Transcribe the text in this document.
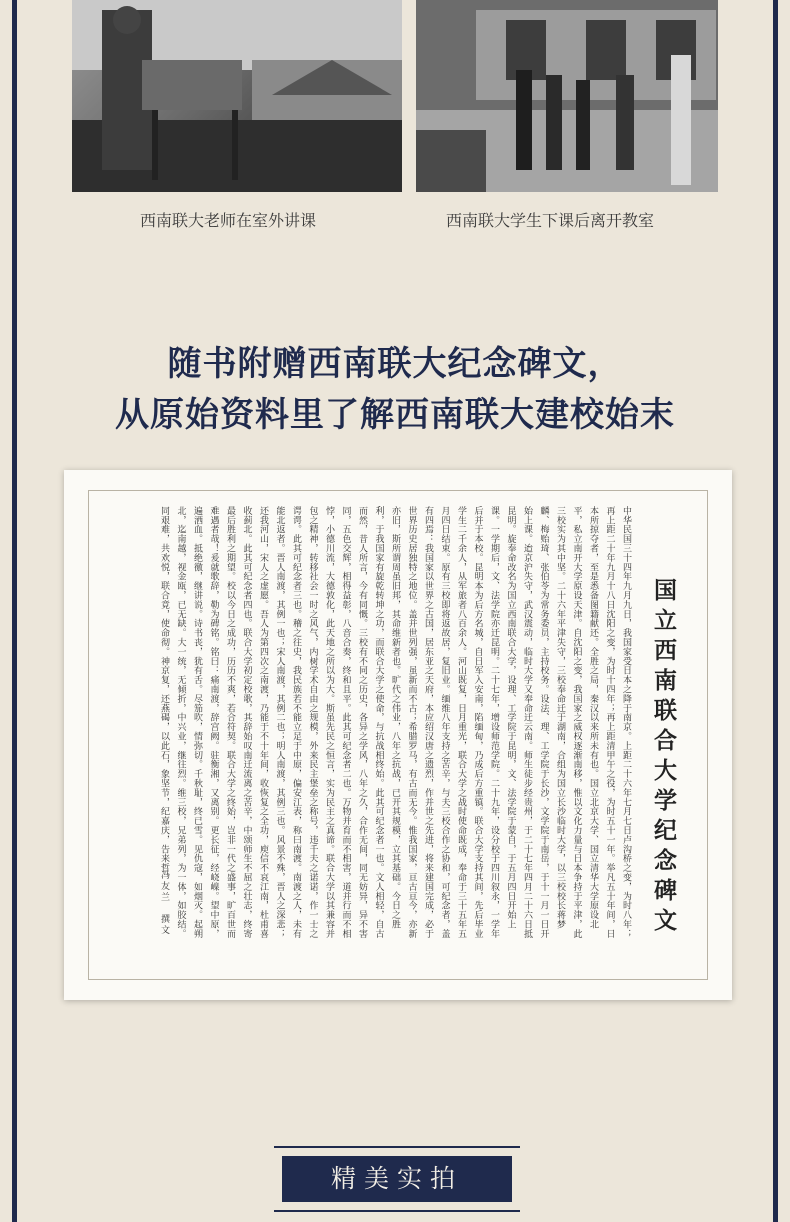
西南联大老师在室外讲课	西南联大学生下课后离开教室
随书附赠西南联大纪念碑文，
从原始资料里了解西南联大建校始末
国立西南联合大学纪念碑文
中华民国三十四年九月九日，我国家受日本之降于南京。上距二十六年七月七日卢沟桥之变，为时八年；再上距二十年九月十八日沈阳之变，为时十四年；再上距清甲午之役，为时五十一年。举凡五十年间，日本所掠夺者，至是悉备图籍献还。全胜之局，秦汉以来所未有也。国立北京大学、国立清华大学原设北平，私立南开大学原设天津。自沈阳之变，我国家之威权逐渐南移，惟以文化力量与日本争持于平津，此三校实为其中坚。二十六年平津失守，三校奉命迁于湖南，合组为国立长沙临时大学，以三校校长蒋梦麟、梅贻琦、张伯苓为常务委员，主持校务。设法、理、工学院于长沙，文学院于南岳，于十一月一日开始上课。迨京沪失守，武汉震动，临时大学又奉命迁云南。师生徒步经贵州，于二十七年四月二十六日抵昆明。旋奉命改名为国立西南联合大学，设理、工学院于昆明，文、法学院于蒙自，于五月四日开始上课。一学期后，文、法学院亦迁昆明。二十七年，增设师范学院。二十九年，设分校于四川叙永，一学年后并于本校。昆明本为后方名城，自日军入安南，陷缅甸，乃成后方重镇。联合大学支持其间，先后毕业学生二千余人，从军旅者八百余人。河山既复，日月重光，联合大学之战时使命既成，奉命于三十五年五月四日结束。原有三校即将返故居，复旧业。缅维八年支持之苦辛，与夫三校合作之协和，可纪念者，盖有四焉：我国家以世界之古国，居东亚之天府，本应绍汉唐之遗烈，作并世之先进，将来建国完成，必于世界历史居独特之地位。盖并世列强，虽新而不古；希腊罗马，有古而无今。惟我国家，亘古亘今，亦新亦旧，斯所谓周虽旧邦，其命维新者也。旷代之伟业，八年之抗战，已开其规模，立其基础。今日之胜利，于我国家有旋乾转坤之功，而联合大学之使命，与抗战相终始。此其可纪念者一也。文人相轻，自古而然，昔人所言，今有同慨。三校有不同之历史，各异之学风，八年之久，合作无间，同无妨异，异不害同，五色交辉，相得益彰，八音合奏，终和且平。此其可纪念者二也。万物并育而不相害，道并行而不相悖，小德川流，大德敦化，此天地之所以为大。斯虽先民之恒言，实为民主之真谛。联合大学以其兼容并包之精神，转移社会一时之风气，内树学术自由之规模，外来民主堡垒之称号，违千夫之诺诺，作一士之谔谔。此其可纪念者三也。稽之往史，我民族若不能立足于中原，偏安江表，称曰南渡。南渡之人，未有能北返者。晋人南渡，其例一也；宋人南渡，其例二也；明人南渡，其例三也。风景不殊，晋人之深悲；还我河山，宋人之虚愿。吾人为第四次之南渡，乃能于不十年间，收恢复之全功，庾信不哀江南，杜甫喜收蓟北。此其可纪念者四也。联合大学初定校歌，其辞始叹南迁流离之苦辛，中颂师生不屈之壮志，终寄最后胜利之期望。校以今日之成功，历历不爽，若合符契。联合大学之终始，岂非一代之盛事，旷百世而难遇者哉！爰就歌辞，勒为碑铭。铭曰：痛南渡，辞宫阙。驻衡湘，又离别。更长征，经峣嵲。望中原，遍洒血。抵绝徼，继讲说。诗书丧，犹有舌。尽笳吹，情弥切。千秋耻，终已雪。见仇寇，如烟灭。起朔北，迄南越，视金瓯，已无缺。大一统，无倾折，中兴业，继往烈。维三校，兄弟列，为一体，如胶结。同艰难，共欢悦，联合竟，使命彻。神京复，还燕碣，以此石，象坚节，纪嘉庆，告来哲。
冯友兰　撰文
精美实拍
